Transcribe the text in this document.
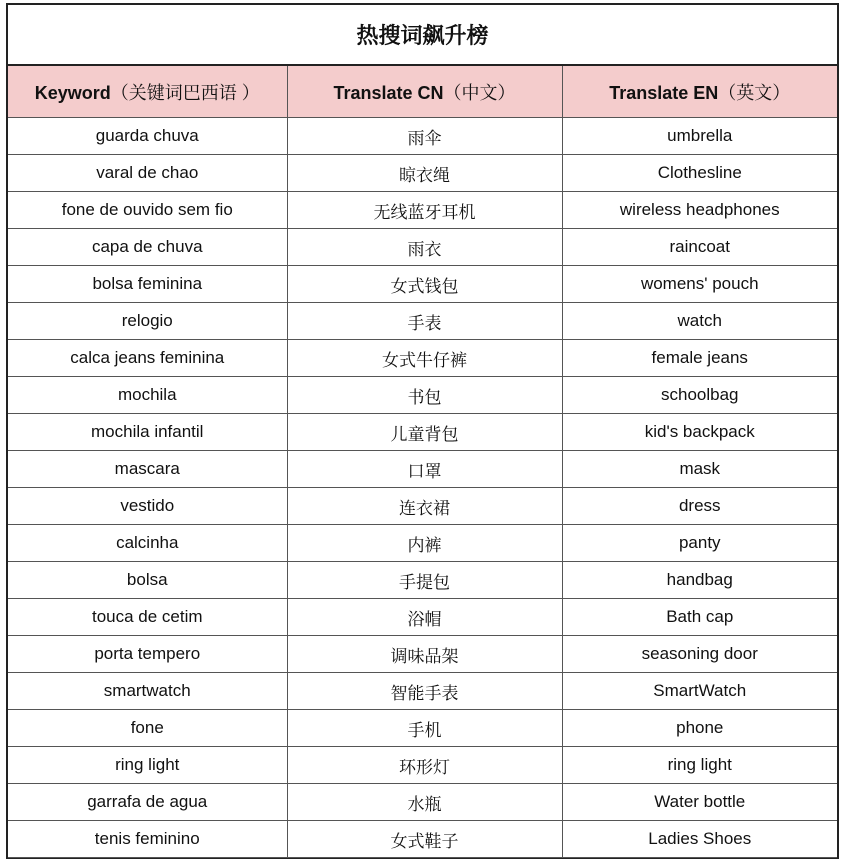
热搜词飙升榜
Keyword（关键词巴西语 ）	Translate CN（中文）	Translate EN（英文）
guarda chuva	雨伞	umbrella
varal de chao	晾衣绳	Clothesline
fone de ouvido sem fio	无线蓝牙耳机	wireless headphones
capa de chuva	雨衣	raincoat
bolsa feminina	女式钱包	womens' pouch
relogio	手表	watch
calca jeans feminina	女式牛仔裤	female jeans
mochila	书包	schoolbag
mochila infantil	儿童背包	kid's backpack
mascara	口罩	mask
vestido	连衣裙	dress
calcinha	内裤	panty
bolsa	手提包	handbag
touca de cetim	浴帽	Bath cap
porta tempero	调味品架	seasoning door
smartwatch	智能手表	SmartWatch
fone	手机	phone
ring light	环形灯	ring light
garrafa de agua	水瓶	Water bottle
tenis feminino	女式鞋子	Ladies Shoes
